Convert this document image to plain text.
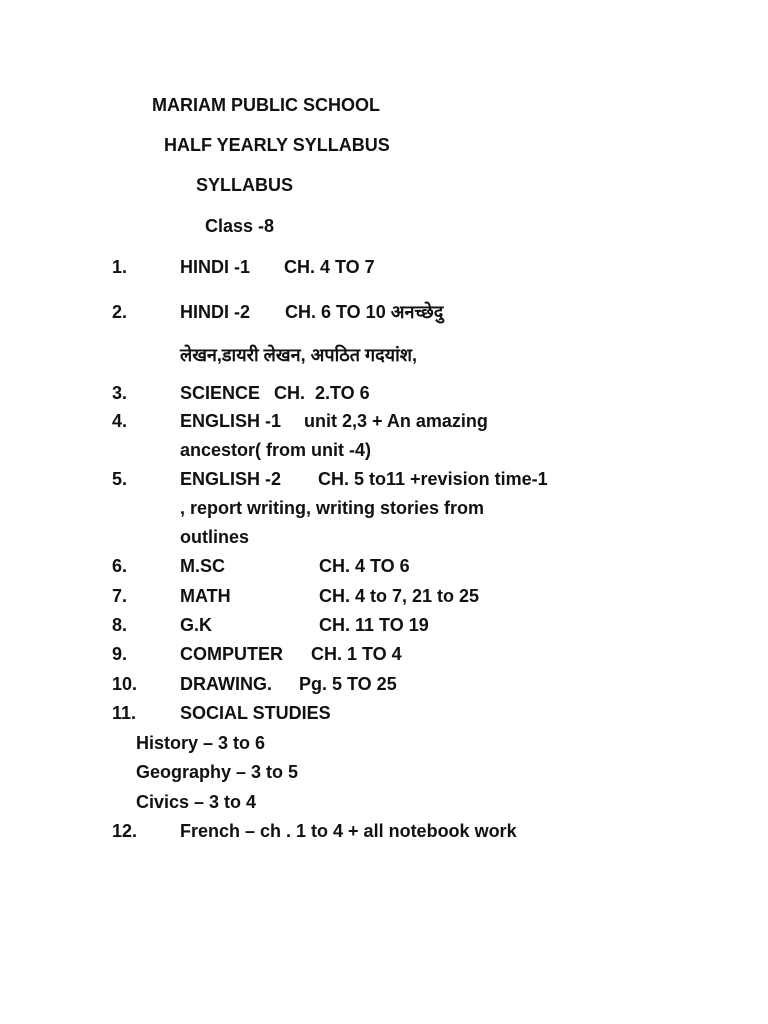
MARIAM PUBLIC SCHOOL
HALF YEARLY SYLLABUS
SYLLABUS
Class -8
1.	HINDI -1 CH. 4 TO 7
2.	HINDI -2 CH. 6 TO 10 अनच्छेदु
लेखन,डायरी लेखन, अपठित गदयांश,
3.	SCIENCE CH.  2.TO 6
4.	ENGLISH -1 unit 2,3 + An amazing
ancestor( from unit -4)
5.	ENGLISH -2 CH. 5 to11 +revision time-1
, report writing, writing stories from
outlines
6.	M.SC	CH. 4 TO 6
7.	MATH	CH. 4 to 7, 21 to 25
8.	G.K	CH. 11 TO 19
9.	COMPUTER CH. 1 TO 4
10. DRAWING. Pg. 5 TO 25
11. SOCIAL STUDIES
History – 3 to 6
Geography – 3 to 5
Civics – 3 to 4
12. French – ch . 1 to 4 + all notebook work
